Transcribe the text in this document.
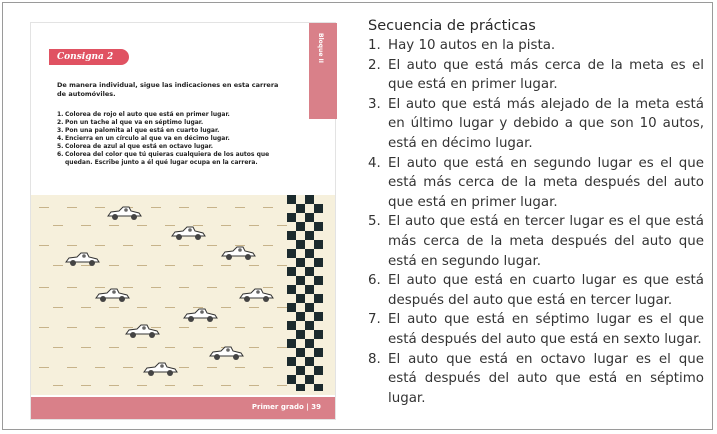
Bloque II
Consigna 2
De manera individual, sigue las indicaciones en esta carrera de automóviles.
1. Colorea de rojo el auto que está en primer lugar.
2. Pon un tache al que va en séptimo lugar.
3. Pon una palomita al que está en cuarto lugar.
4. Encierra en un círculo al que va en décimo lugar.
5. Colorea de azul al que está en octavo lugar.
6. Colorea del color que tú quieras cualquiera de los autos que quedan. Escribe junto a él qué lugar ocupa en la carrera.
Primer grado | 39
Secuencia de prácticas
1. Hay 10 autos en la pista.
2. El auto que está más cerca de la meta es el que está en primer lugar.
3. El auto que está más alejado de la meta está en último lugar y debido a que son 10 autos, está en décimo lugar.
4. El auto que está en segundo lugar es el que está más cerca de la meta después del auto que está en primer lugar.
5. El auto que está en tercer lugar es el que está más cerca de la meta después del auto que está en segundo lugar.
6. El auto que está en cuarto lugar es que está después del auto que está en tercer lugar.
7. El auto que está en séptimo lugar es el que está después del auto que está en sexto lugar.
8. El auto que está en octavo lugar es el que está después del auto que está en séptimo lugar.
